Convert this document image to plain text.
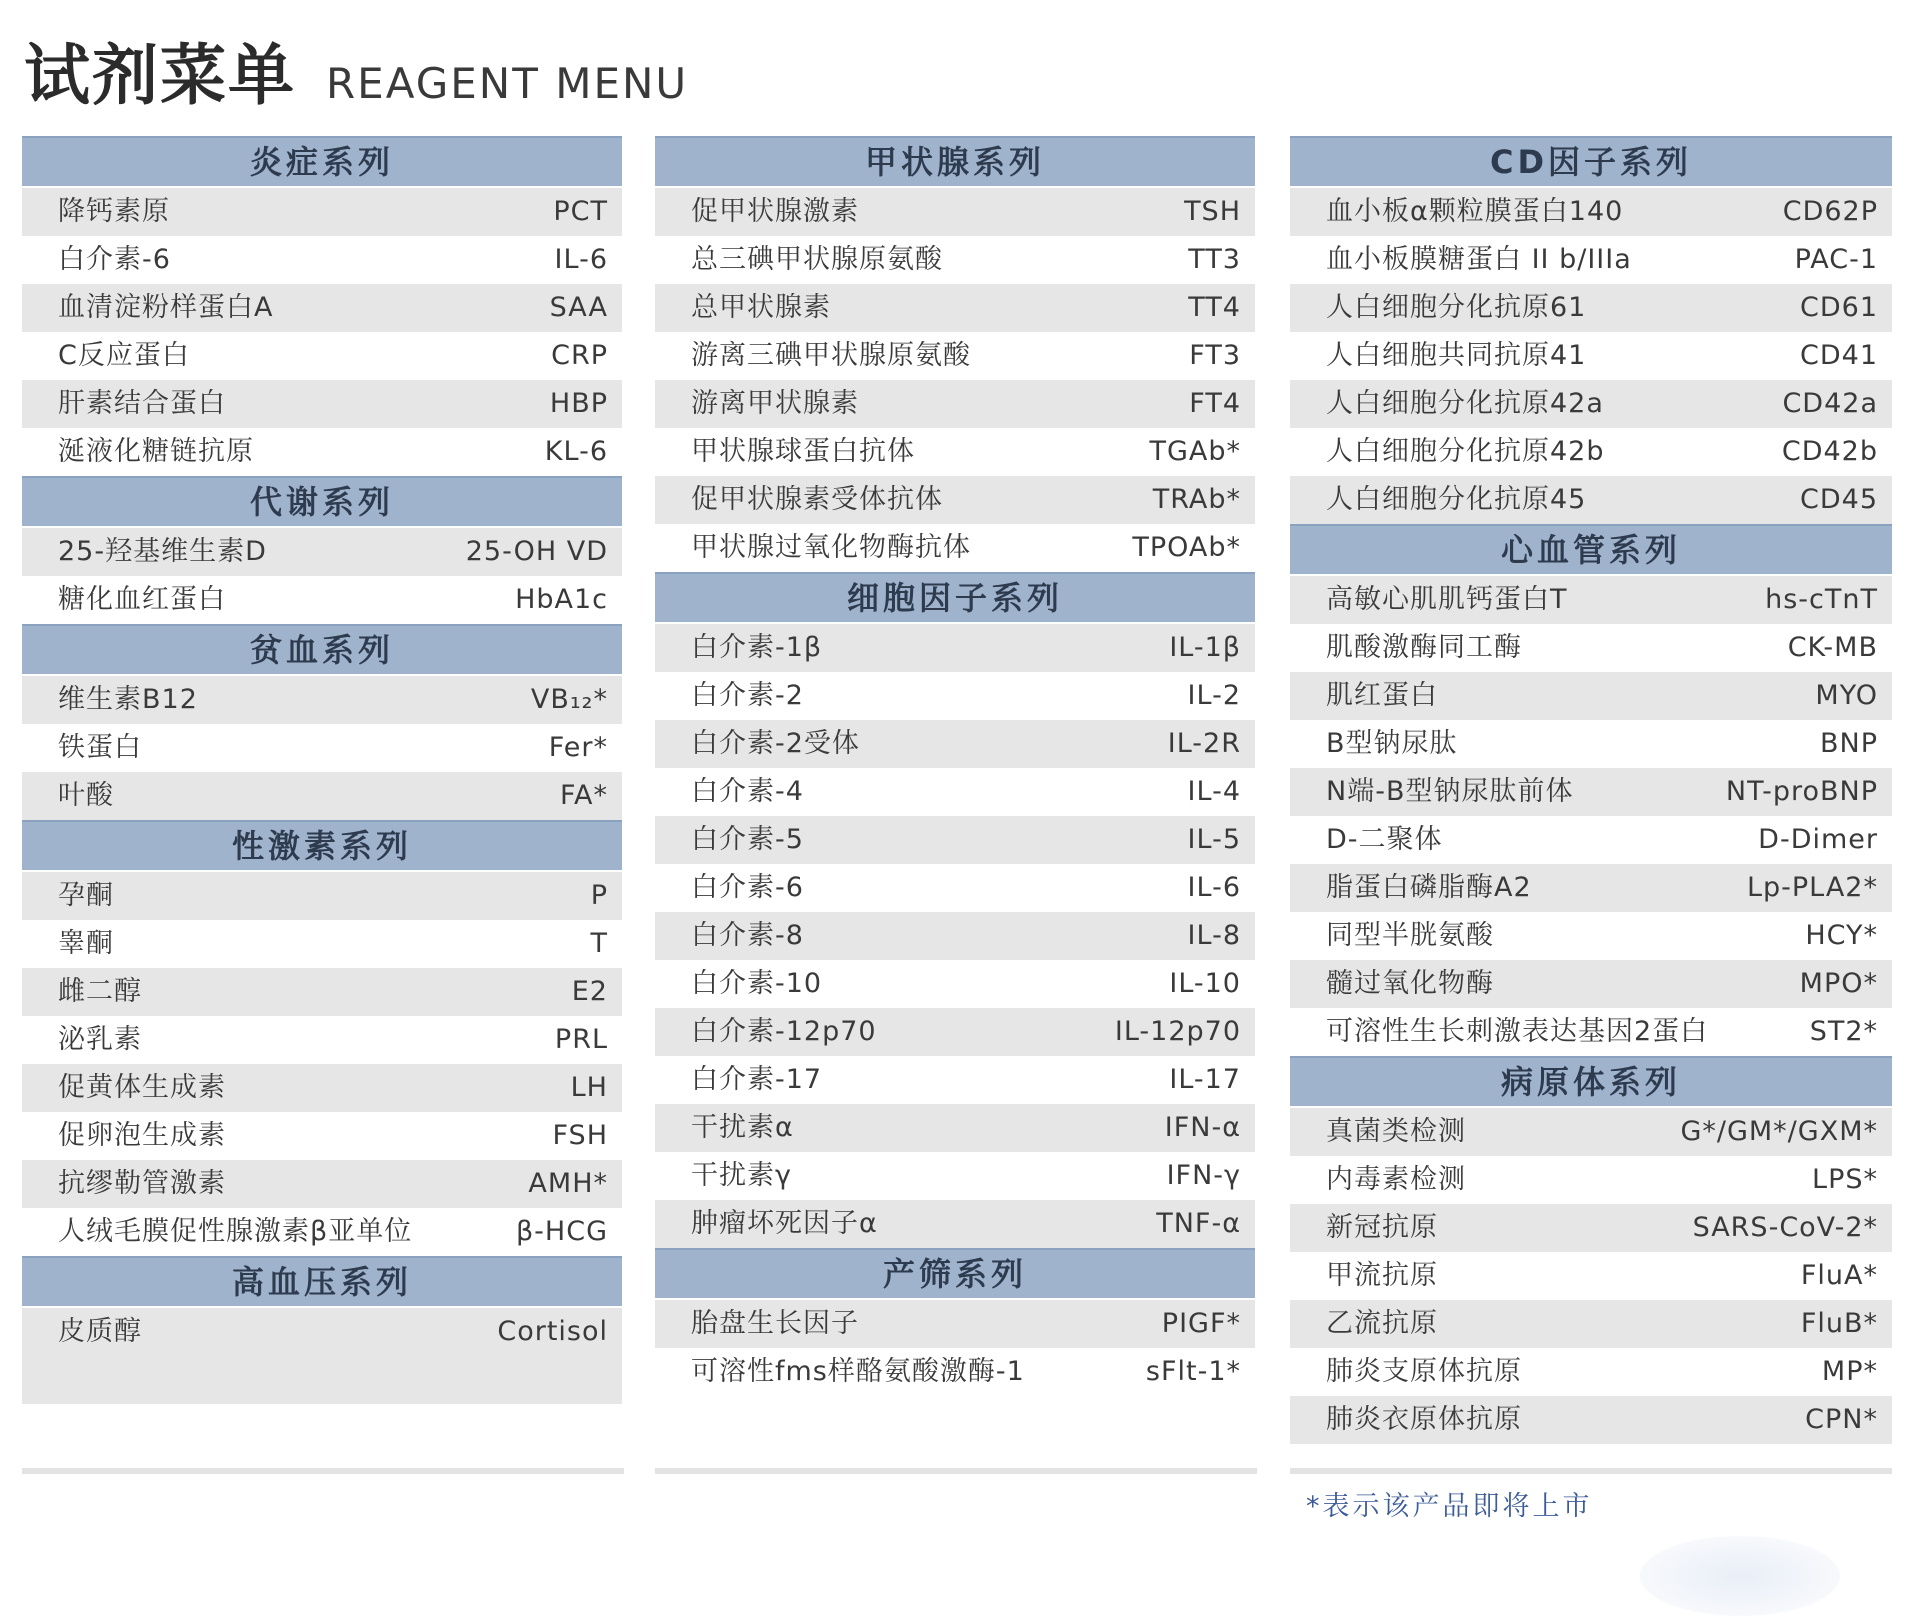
试剂菜单 REAGENT MENU
炎症系列
降钙素原	PCT
白介素-6	IL-6
血清淀粉样蛋白A	SAA
C反应蛋白	CRP
肝素结合蛋白	HBP
涎液化糖链抗原	KL-6
代谢系列
25-羟基维生素D	25-OH VD
糖化血红蛋白	HbA1c
贫血系列
维生素B12	VB₁₂*
铁蛋白	Fer*
叶酸	FA*
性激素系列
孕酮	P
睾酮	T
雌二醇	E2
泌乳素	PRL
促黄体生成素	LH
促卵泡生成素	FSH
抗缪勒管激素	AMH*
人绒毛膜促性腺激素β亚单位	β-HCG
高血压系列
皮质醇	Cortisol
甲状腺系列
促甲状腺激素	TSH
总三碘甲状腺原氨酸	TT3
总甲状腺素	TT4
游离三碘甲状腺原氨酸	FT3
游离甲状腺素	FT4
甲状腺球蛋白抗体	TGAb*
促甲状腺素受体抗体	TRAb*
甲状腺过氧化物酶抗体	TPOAb*
细胞因子系列
白介素-1β	IL-1β
白介素-2	IL-2
白介素-2受体	IL-2R
白介素-4	IL-4
白介素-5	IL-5
白介素-6	IL-6
白介素-8	IL-8
白介素-10	IL-10
白介素-12p70	IL-12p70
白介素-17	IL-17
干扰素α	IFN-α
干扰素γ	IFN-γ
肿瘤坏死因子α	TNF-α
产筛系列
胎盘生长因子	PIGF*
可溶性fms样酪氨酸激酶-1	sFlt-1*
CD因子系列
血小板α颗粒膜蛋白140	CD62P
血小板膜糖蛋白 II b/IIIa	PAC-1
人白细胞分化抗原61	CD61
人白细胞共同抗原41	CD41
人白细胞分化抗原42a	CD42a
人白细胞分化抗原42b	CD42b
人白细胞分化抗原45	CD45
心血管系列
高敏心肌肌钙蛋白T	hs-cTnT
肌酸激酶同工酶	CK-MB
肌红蛋白	MYO
B型钠尿肽	BNP
N端-B型钠尿肽前体	NT-proBNP
D-二聚体	D-Dimer
脂蛋白磷脂酶A2	Lp-PLA2*
同型半胱氨酸	HCY*
髓过氧化物酶	MPO*
可溶性生长刺激表达基因2蛋白	ST2*
病原体系列
真菌类检测	G*/GM*/GXM*
内毒素检测	LPS*
新冠抗原	SARS-CoV-2*
甲流抗原	FluA*
乙流抗原	FluB*
肺炎支原体抗原	MP*
肺炎衣原体抗原	CPN*
*表示该产品即将上市
